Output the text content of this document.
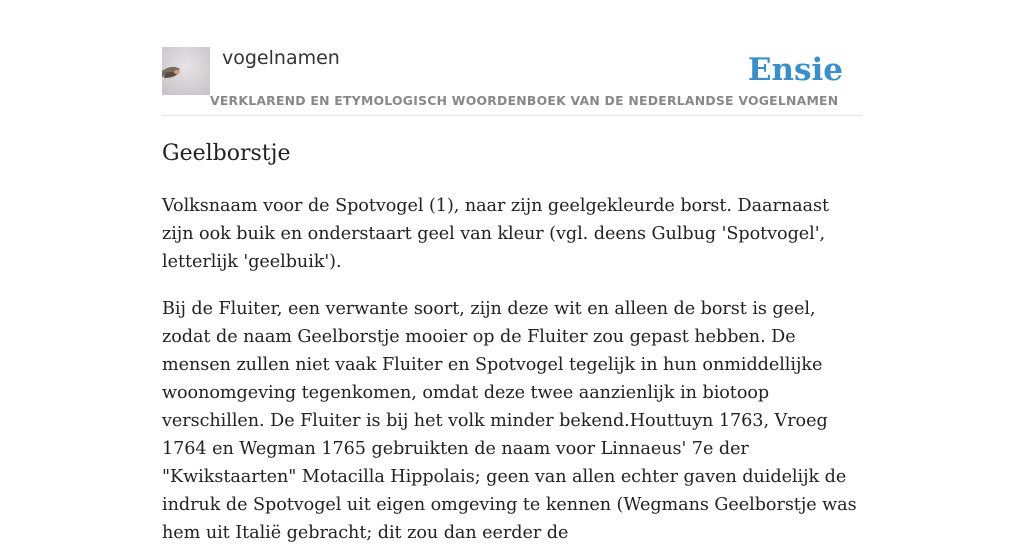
vogelnamen
VERKLAREND EN ETYMOLOGISCH WOORDENBOEK VAN DE NEDERLANDSE VOGELNAMEN
Ensie
Geelborstje

Volksnaam voor de Spotvogel (1), naar zijn geelgekleurde borst. Daarnaast zijn ook buik en onderstaart geel van kleur (vgl. deens Gulbug 'Spotvogel', letterlijk 'geelbuik').

Bij de Fluiter, een verwante soort, zijn deze wit en alleen de borst is geel, zodat de naam Geelborstje mooier op de Fluiter zou gepast hebben. De mensen zullen niet vaak Fluiter en Spotvogel tegelijk in hun onmiddellijke woonomgeving tegenkomen, omdat deze twee aanzienlijk in biotoop verschillen. De Fluiter is bij het volk minder bekend.Houttuyn 1763, Vroeg 1764 en Wegman 1765 gebruikten de naam voor Linnaeus' 7e der "Kwikstaarten" Motacilla Hippolais; geen van allen echter gaven duidelijk de indruk de Spotvogel uit eigen omgeving te kennen (Wegmans Geelborstje was hem uit Italië gebracht; dit zou dan eerder de
